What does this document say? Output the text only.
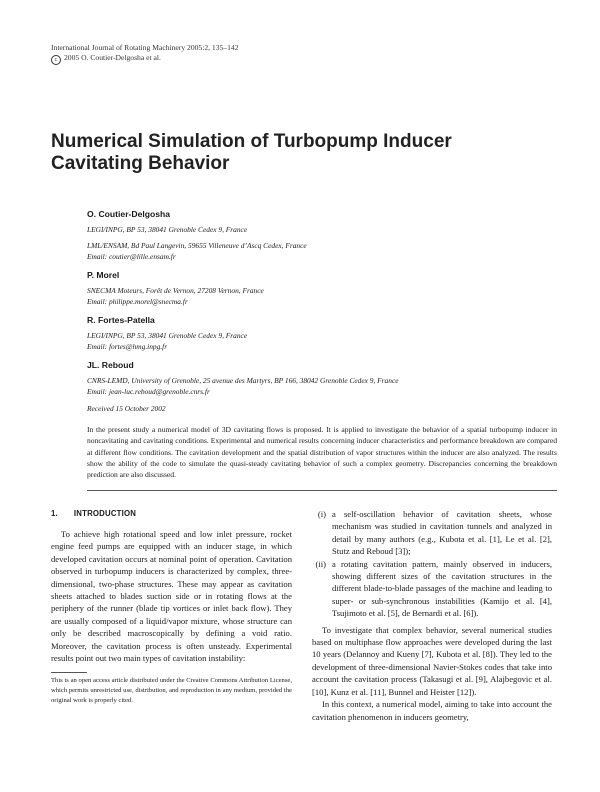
International Journal of Rotating Machinery 2005:2, 135–142
c 2005 O. Coutier-Delgosha et al.
Numerical Simulation of Turbopump Inducer Cavitating Behavior
O. Coutier-Delgosha
LEGI/INPG, BP 53, 38041 Grenoble Cedex 9, France
LML/ENSAM, Bd Paul Langevin, 59655 Villeneuve d’Ascq Cedex, France
Email: coutier@lille.ensam.fr
P. Morel
SNECMA Moteurs, Forêt de Vernon, 27208 Vernon, France
Email: philippe.morel@snecma.fr
R. Fortes-Patella
LEGI/INPG, BP 53, 38041 Grenoble Cedex 9, France
Email: fortes@hmg.inpg.fr
JL. Reboud
CNRS-LEMD, University of Grenoble, 25 avenue des Martyrs, BP 166, 38042 Grenoble Cedex 9, France
Email: jean-luc.reboud@grenoble.cnrs.fr
Received 15 October 2002
In the present study a numerical model of 3D cavitating flows is proposed. It is applied to investigate the behavior of a spatial turbopump inducer in noncavitating and cavitating conditions. Experimental and numerical results concerning inducer characteristics and performance breakdown are compared at different flow conditions. The cavitation development and the spatial distribution of vapor structures within the inducer are also analyzed. The results show the ability of the code to simulate the quasi-steady cavitating behavior of such a complex geometry. Discrepancies concerning the breakdown prediction are also discussed.
1. INTRODUCTION

To achieve high rotational speed and low inlet pressure, rocket engine feed pumps are equipped with an inducer stage, in which developed cavitation occurs at nominal point of operation. Cavitation observed in turbopump inducers is characterized by complex, three-dimensional, two-phase structures. These may appear as cavitation sheets attached to blades suction side or in rotating flows at the periphery of the runner (blade tip vortices or inlet back flow). They are usually composed of a liquid/vapor mixture, whose structure can only be described macroscopically by defining a void ratio. Moreover, the cavitation process is often unsteady. Experimental results point out two main types of cavitation instability:

(i) a self-oscillation behavior of cavitation sheets, whose mechanism was studied in cavitation tunnels and analyzed in detail by many authors (e.g., Kubota et al. [1], Le et al. [2], Stutz and Reboud [3]);
(ii) a rotating cavitation pattern, mainly observed in inducers, showing different sizes of the cavitation structures in the different blade-to-blade passages of the machine and leading to super- or sub-synchronous instabilities (Kamijo et al. [4], Tsujimoto et al. [5], de Bernardi et al. [6]).

To investigate that complex behavior, several numerical studies based on multiphase flow approaches were developed during the last 10 years (Delannoy and Kueny [7], Kubota et al. [8]). They led to the development of three-dimensional Navier-Stokes codes that take into account the cavitation process (Takasugi et al. [9], Alajbegovic et al. [10], Kunz et al. [11], Bunnel and Heister [12]).

In this context, a numerical model, aiming to take into account the cavitation phenomenon in inducers geometry,

This is an open access article distributed under the Creative Commons Attribution License, which permits unrestricted use, distribution, and reproduction in any medium, provided the original work is properly cited.
